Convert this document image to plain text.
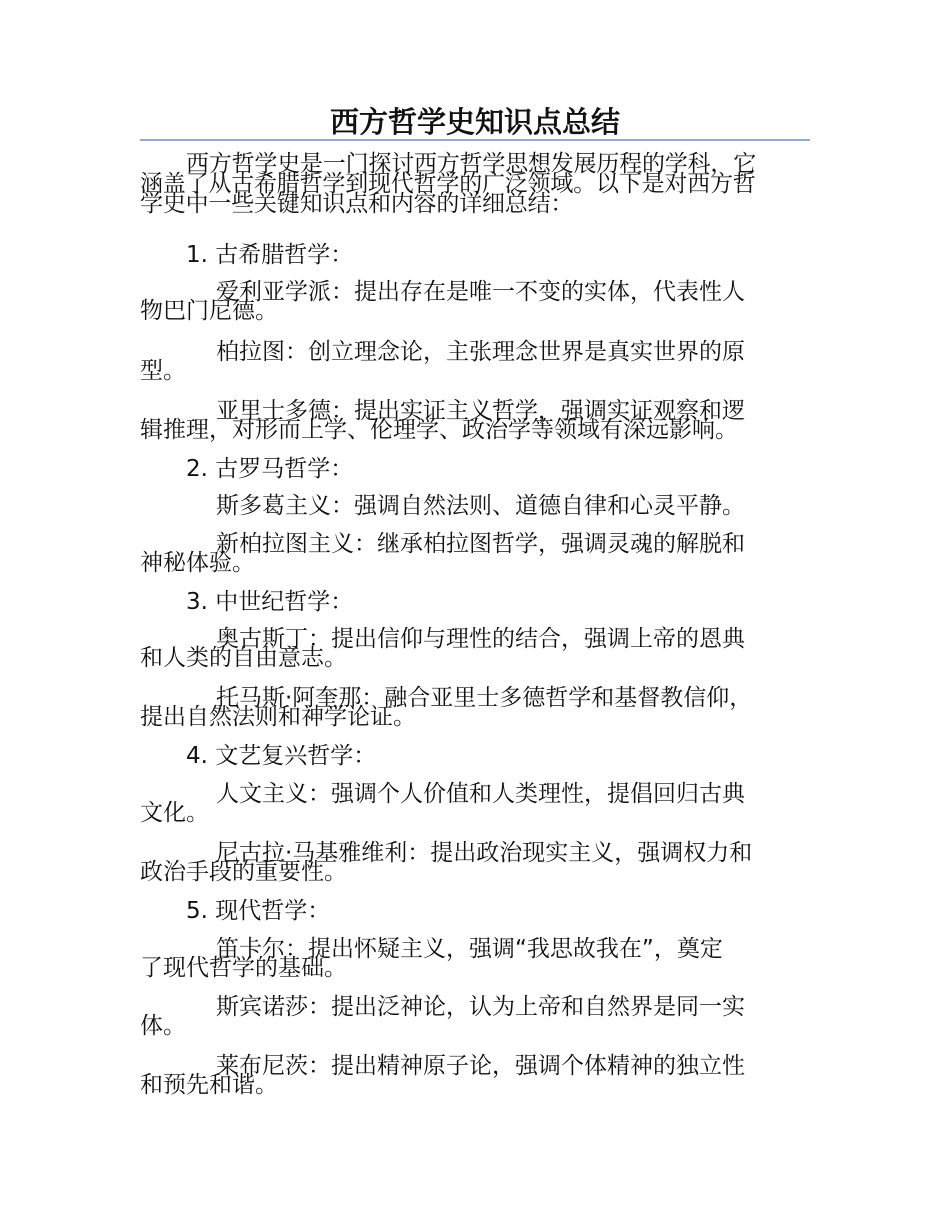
西方哲学史知识点总结
西方哲学史是一门探讨西方哲学思想发展历程的学科，它
涵盖了从古希腊哲学到现代哲学的广泛领域。以下是对西方哲
学史中一些关键知识点和内容的详细总结：
1. 古希腊哲学：
爱利亚学派：提出存在是唯一不变的实体，代表性人
物巴门尼德。
柏拉图：创立理念论，主张理念世界是真实世界的原
型。
亚里士多德：提出实证主义哲学，强调实证观察和逻
辑推理，对形而上学、伦理学、政治学等领域有深远影响。
2. 古罗马哲学：
斯多葛主义：强调自然法则、道德自律和心灵平静。
新柏拉图主义：继承柏拉图哲学，强调灵魂的解脱和
神秘体验。
3. 中世纪哲学：
奥古斯丁：提出信仰与理性的结合，强调上帝的恩典
和人类的自由意志。
托马斯·阿奎那：融合亚里士多德哲学和基督教信仰，
提出自然法则和神学论证。
4. 文艺复兴哲学：
人文主义：强调个人价值和人类理性，提倡回归古典
文化。
尼古拉·马基雅维利：提出政治现实主义，强调权力和
政治手段的重要性。
5. 现代哲学：
笛卡尔：提出怀疑主义，强调“我思故我在”，奠定
了现代哲学的基础。
斯宾诺莎：提出泛神论，认为上帝和自然界是同一实
体。
莱布尼茨：提出精神原子论，强调个体精神的独立性
和预先和谐。
